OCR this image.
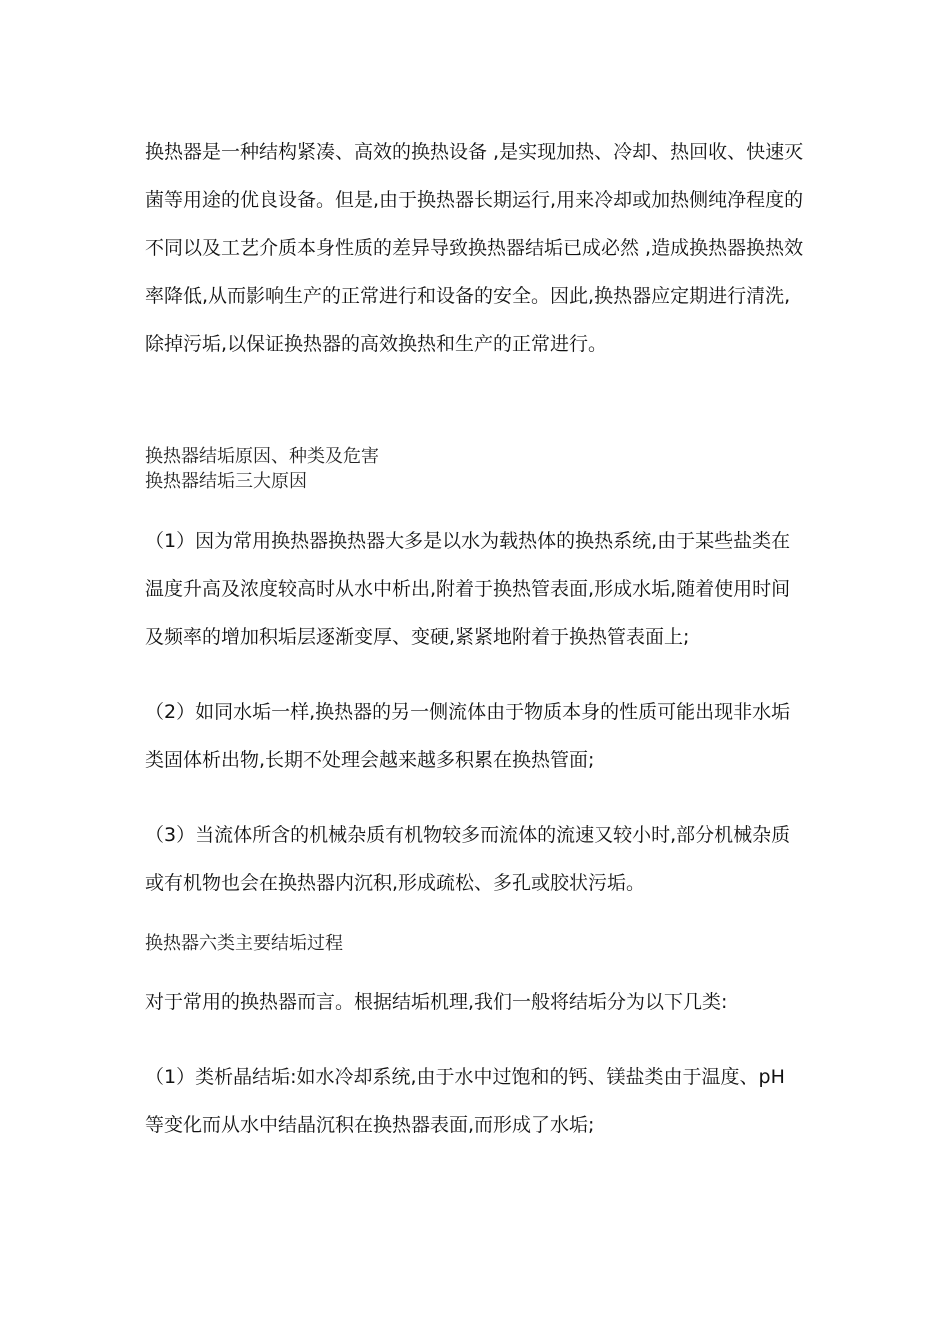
换热器是一种结构紧凑、高效的换热设备 ,是实现加热、冷却、热回收、快速灭
菌等用途的优良设备。但是,由于换热器长期运行,用来冷却或加热侧纯净程度的
不同以及工艺介质本身性质的差异导致换热器结垢已成必然 ,造成换热器换热效
率降低,从而影响生产的正常进行和设备的安全。因此,换热器应定期进行清洗,
除掉污垢,以保证换热器的高效换热和生产的正常进行。
换热器结垢原因、种类及危害
换热器结垢三大原因
（1）因为常用换热器换热器大多是以水为载热体的换热系统,由于某些盐类在
温度升高及浓度较高时从水中析出,附着于换热管表面,形成水垢,随着使用时间
及频率的增加积垢层逐渐变厚、变硬,紧紧地附着于换热管表面上;
（2）如同水垢一样,换热器的另一侧流体由于物质本身的性质可能出现非水垢
类固体析出物,长期不处理会越来越多积累在换热管面;
（3）当流体所含的机械杂质有机物较多而流体的流速又较小时,部分机械杂质
或有机物也会在换热器内沉积,形成疏松、多孔或胶状污垢。
换热器六类主要结垢过程
对于常用的换热器而言。根据结垢机理,我们一般将结垢分为以下几类:
（1）类析晶结垢:如水冷却系统,由于水中过饱和的钙、镁盐类由于温度、pH
等变化而从水中结晶沉积在换热器表面,而形成了水垢;
